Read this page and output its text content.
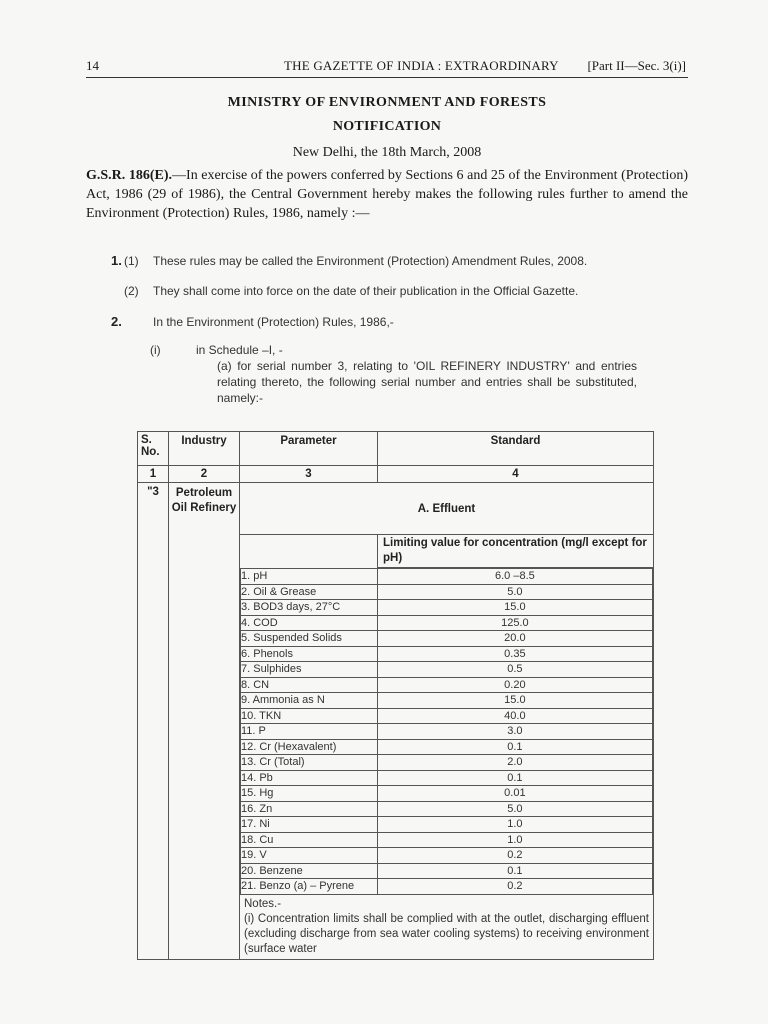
14	THE GAZETTE OF INDIA : EXTRAORDINARY [Part II—Sec. 3(i)]
MINISTRY OF ENVIRONMENT AND FORESTS
NOTIFICATION
New Delhi, the 18th March, 2008
G.S.R. 186(E).—In exercise of the powers conferred by Sections 6 and 25 of the Environment (Protection) Act, 1986 (29 of 1986), the Central Government hereby makes the following rules further to amend the Environment (Protection) Rules, 1986, namely :—
1. (1) These rules may be called the Environment (Protection) Amendment Rules, 2008.
(2) They shall come into force on the date of their publication in the Official Gazette.
2.	In the Environment (Protection) Rules, 1986,-
(i)	in Schedule –I, -
(a) for serial number 3, relating to 'OIL REFINERY INDUSTRY' and entries relating thereto, the following serial number and entries shall be substituted, namely:-
S. No.	Industry	Parameter	Standard
1	2	3	4
"3	Petroleum Oil Refinery	A. Effluent
	Limiting value for concentration (mg/l except for pH)

1. pH	6.0 –8.5
2. Oil & Grease	5.0
3. BOD3 days, 27°C	15.0
4. COD	125.0
5. Suspended Solids	20.0
6. Phenols	0.35
7. Sulphides	0.5
8. CN	0.20
9. Ammonia as N	15.0
10. TKN	40.0
11. P	3.0
12. Cr (Hexavalent)	0.1
13. Cr (Total)	2.0
14. Pb	0.1
15. Hg	0.01
16. Zn	5.0
17. Ni	1.0
18. Cu	1.0
19. V	0.2
20. Benzene	0.1
21. Benzo (a) – Pyrene	0.2
Notes.-
(i) Concentration limits shall be complied with at the outlet, discharging effluent (excluding discharge from sea water cooling systems) to receiving environment (surface water
